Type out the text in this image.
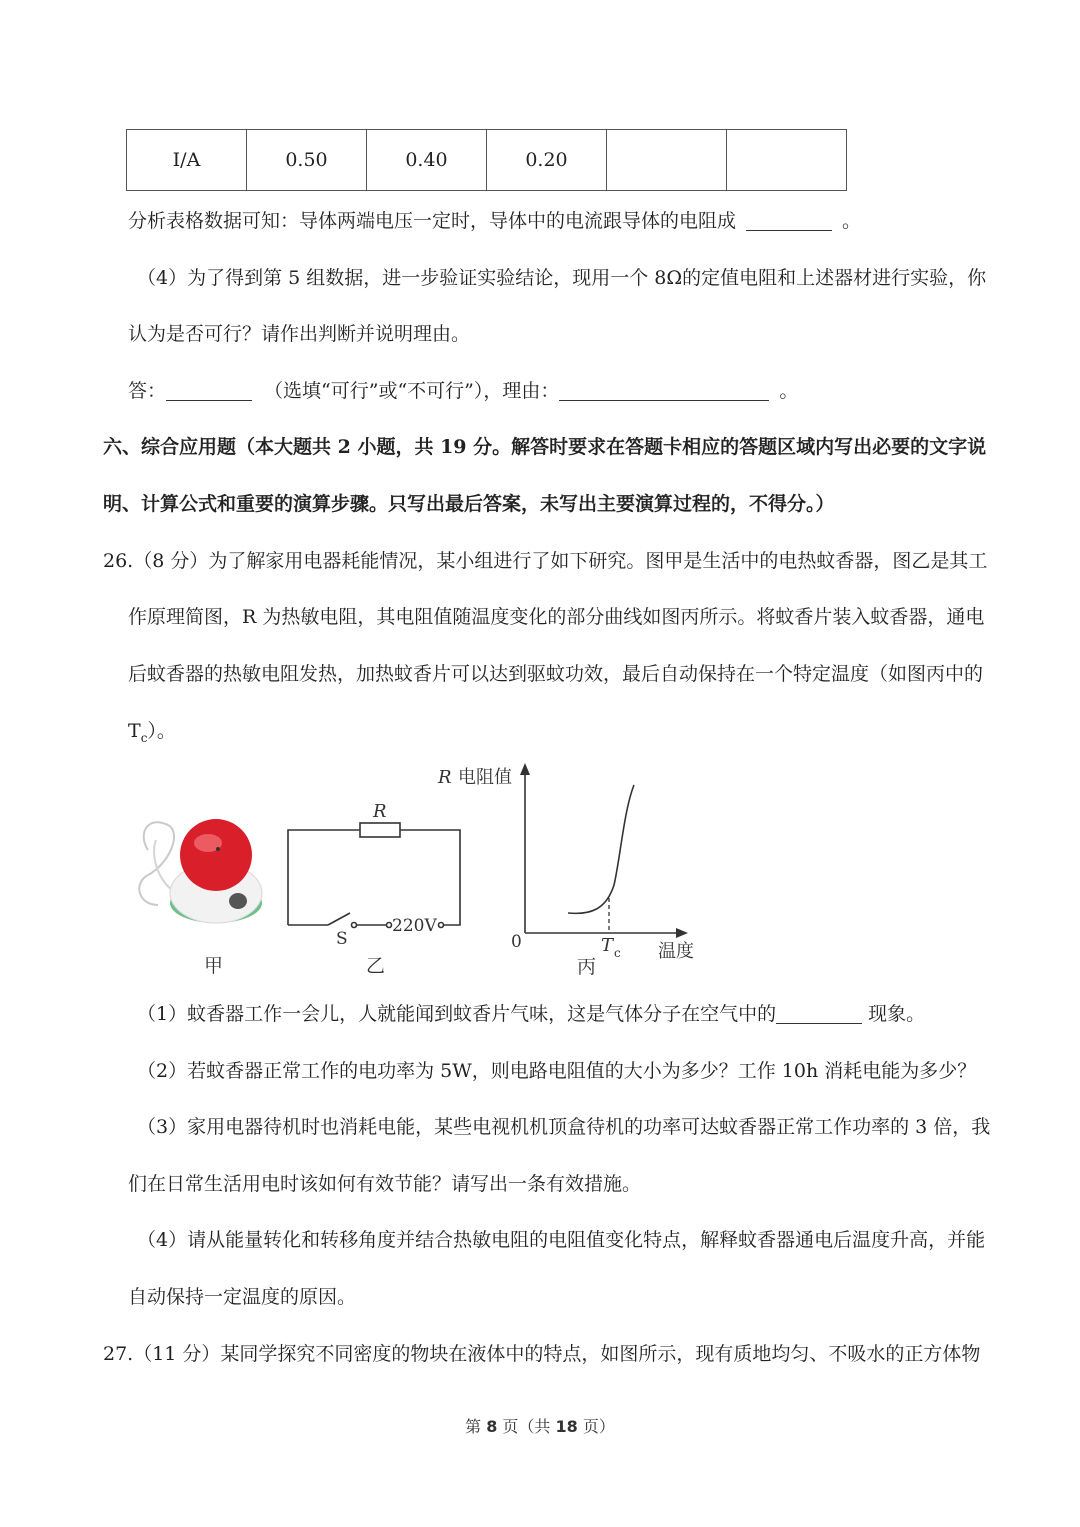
I/A	0.50	0.40	0.20		
分析表格数据可知：导体两端电压一定时，导体中的电流跟导体的电阻成	。
（4）为了得到第 5 组数据，进一步验证实验结论，现用一个 8Ω的定值电阻和上述器材进行实验，你
认为是否可行？请作出判断并说明理由。
答：	（选填“可行”或“不可行”），理由：	。
六、综合应用题（本大题共 2 小题，共 19 分。解答时要求在答题卡相应的答题区域内写出必要的文字说
明、计算公式和重要的演算步骤。只写出最后答案，未写出主要演算过程的，不得分。）
26.（8 分）为了解家用电器耗能情况，某小组进行了如下研究。图甲是生活中的电热蚊香器，图乙是其工
作原理简图，R 为热敏电阻，其电阻值随温度变化的部分曲线如图丙所示。将蚊香片装入蚊香器，通电
后蚊香器的热敏电阻发热，加热蚊香片可以达到驱蚊功效，最后自动保持在一个特定温度（如图丙中的
$T_c$）。
甲
R
S
220V
乙
R 电阻值
0	T c 温度
丙
（1）蚊香器工作一会儿，人就能闻到蚊香片气味，这是气体分子在空气中的	现象。
（2）若蚊香器正常工作的电功率为 5W，则电路电阻值的大小为多少？工作 10h 消耗电能为多少？
（3）家用电器待机时也消耗电能，某些电视机机顶盒待机的功率可达蚊香器正常工作功率的 3 倍，我
们在日常生活用电时该如何有效节能？请写出一条有效措施。
（4）请从能量转化和转移角度并结合热敏电阻的电阻值变化特点，解释蚊香器通电后温度升高，并能
自动保持一定温度的原因。
27.（11 分）某同学探究不同密度的物块在液体中的特点，如图所示，现有质地均匀、不吸水的正方体物
第 8 页（共 18 页）
